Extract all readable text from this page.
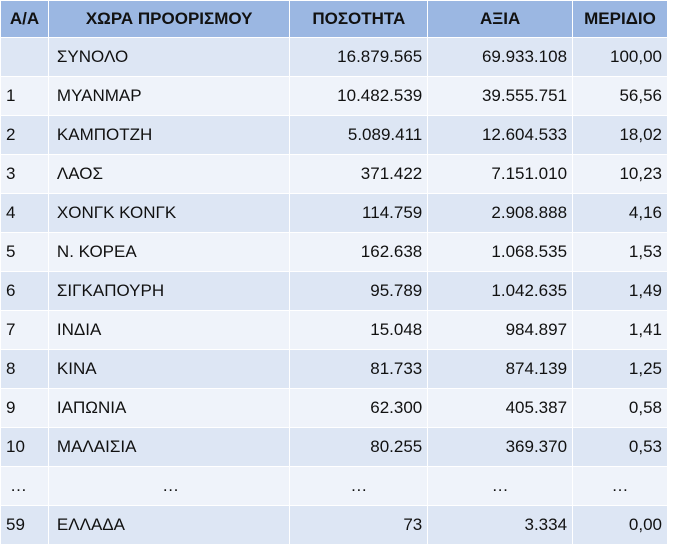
Α/Α	ΧΩΡΑ ΠΡΟΟΡΙΣΜΟΥ	ΠΟΣΟΤΗΤΑ	ΑΞΙΑ	ΜΕΡΙΔΙΟ
	ΣΥΝΟΛΟ	16.879.565	69.933.108	100,00
1	ΜΥΑΝΜΑΡ	10.482.539	39.555.751	56,56
2	ΚΑΜΠΟΤΖΗ	5.089.411	12.604.533	18,02
3	ΛΑΟΣ	371.422	7.151.010	10,23
4	ΧΟΝΓΚ ΚΟΝΓΚ	114.759	2.908.888	4,16
5	Ν. ΚΟΡΕΑ	162.638	1.068.535	1,53
6	ΣΙΓΚΑΠΟΥΡΗ	95.789	1.042.635	1,49
7	ΙΝΔΙΑ	15.048	984.897	1,41
8	ΚΙΝΑ	81.733	874.139	1,25
9	ΙΑΠΩΝΙΑ	62.300	405.387	0,58
10	ΜΑΛΑΙΣΙΑ	80.255	369.370	0,53
…	…	…	…	…
59	ΕΛΛΑΔΑ	73	3.334	0,00
